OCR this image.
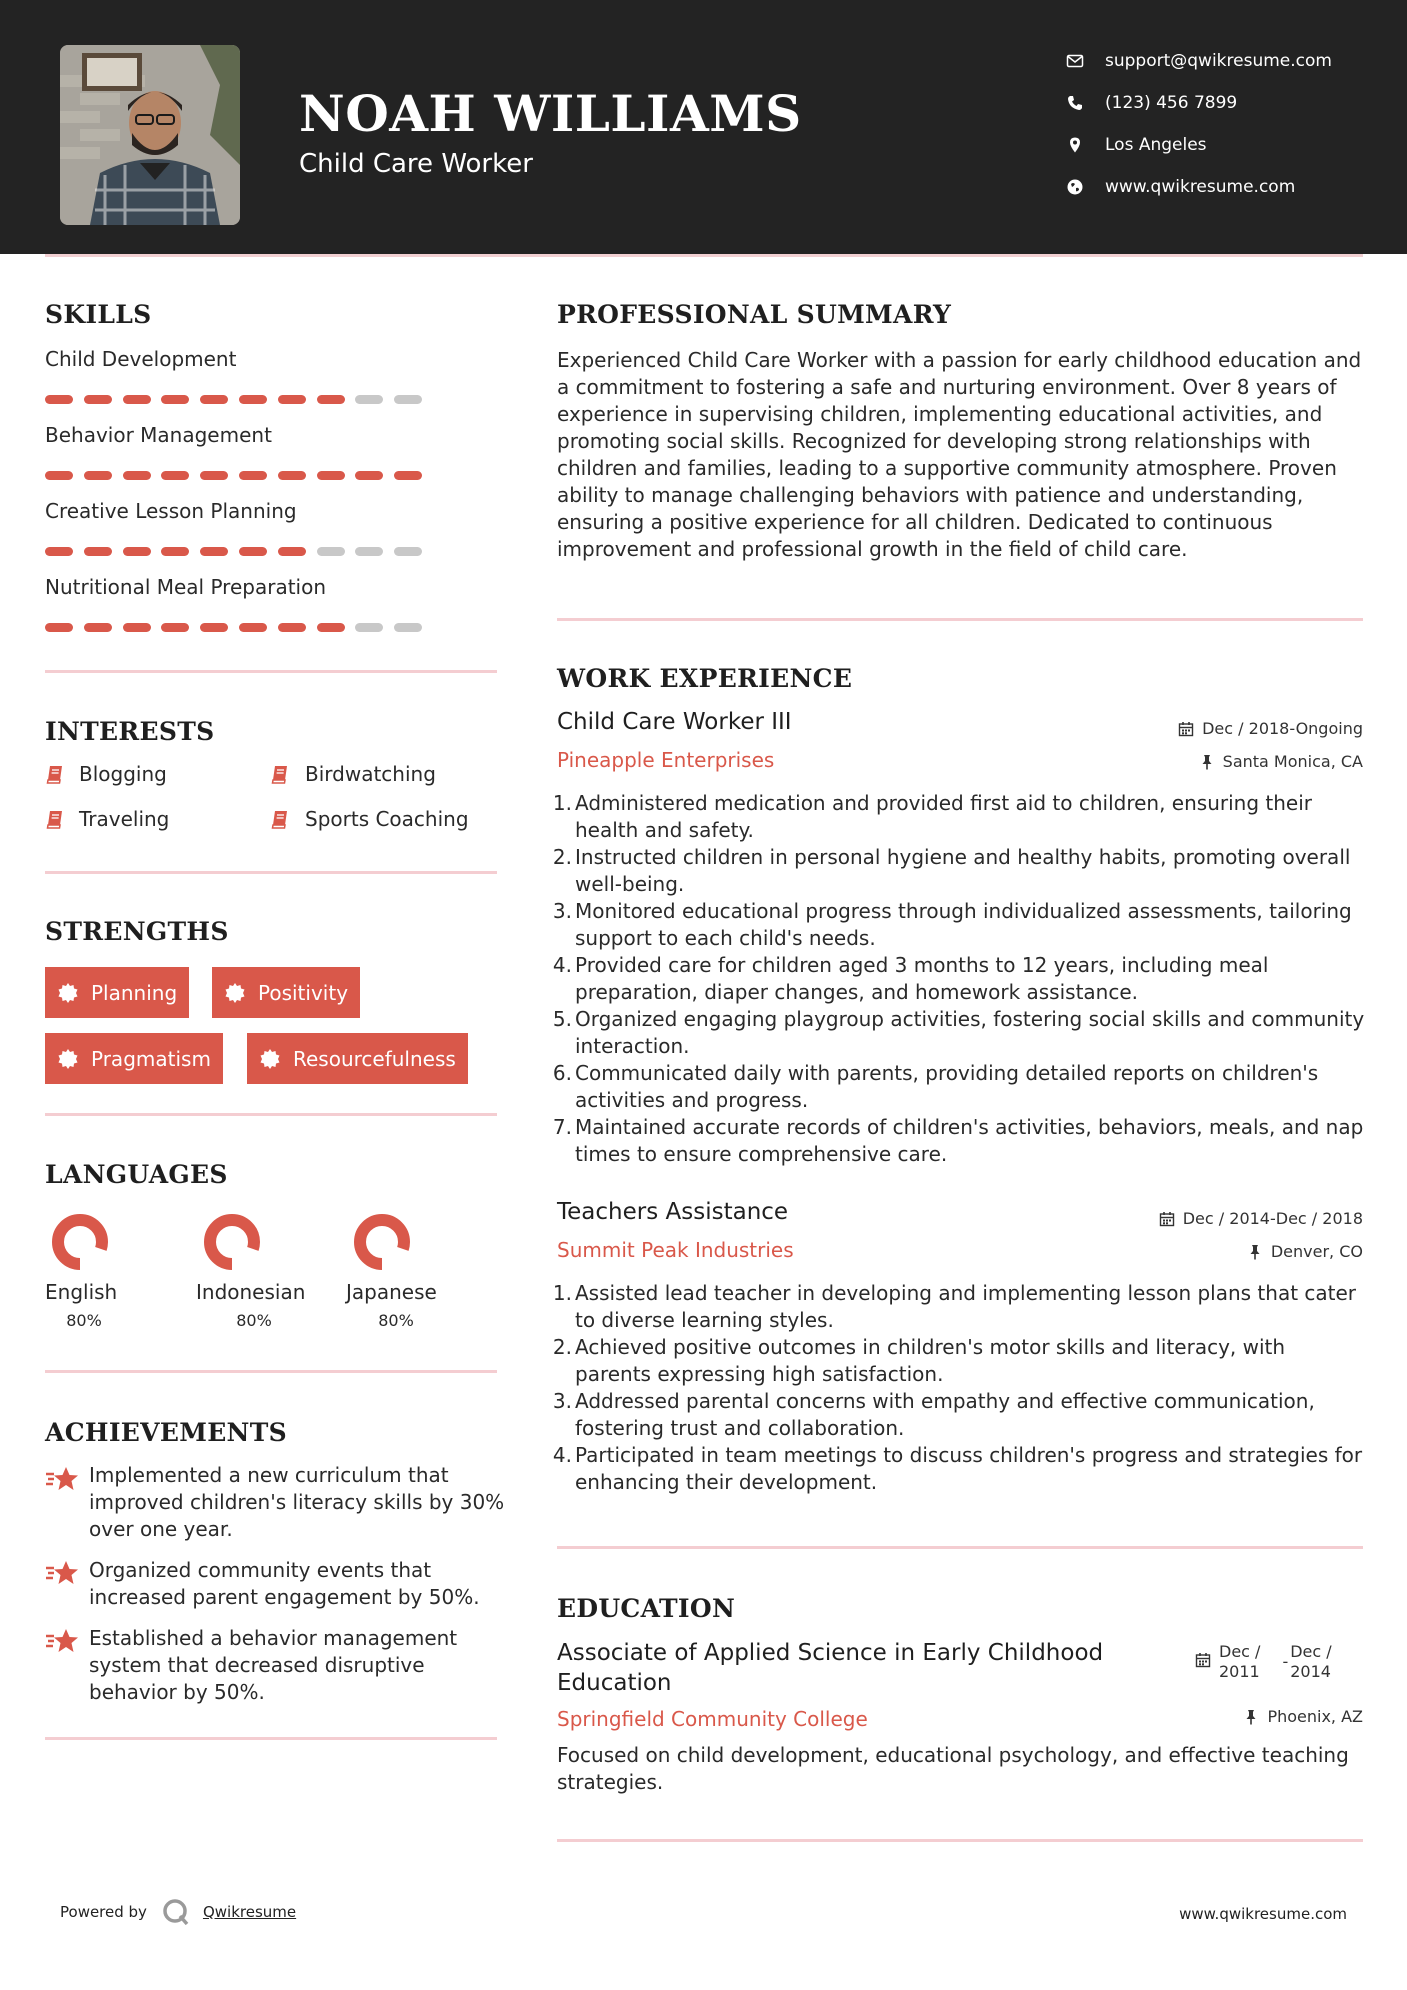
NOAH WILLIAMS
Child Care Worker
support@qwikresume.com
(123) 456 7899
Los Angeles
www.qwikresume.com
SKILLS
Child Development
Behavior Management
Creative Lesson Planning
Nutritional Meal Preparation
INTERESTS
Blogging	Birdwatching
Traveling	Sports Coaching
STRENGTHS
Planning	Positivity
Pragmatism	Resourcefulness
LANGUAGES
English
80%
Indonesian
80%
Japanese
80%
ACHIEVEMENTS
Implemented a new curriculum that improved children's literacy skills by 30% over one year.
Organized community events that increased parent engagement by 50%.
Established a behavior management system that decreased disruptive behavior by 50%.
PROFESSIONAL SUMMARY
Experienced Child Care Worker with a passion for early childhood education and a commitment to fostering a safe and nurturing environment. Over 8 years of experience in supervising children, implementing educational activities, and promoting social skills. Recognized for developing strong relationships with children and families, leading to a supportive community atmosphere. Proven ability to manage challenging behaviors with patience and understanding, ensuring a positive experience for all children. Dedicated to continuous improvement and professional growth in the field of child care.
WORK EXPERIENCE
Child Care Worker III	Dec / 2018-Ongoing
Pineapple Enterprises	Santa Monica, CA
1. Administered medication and provided first aid to children, ensuring their health and safety.
2. Instructed children in personal hygiene and healthy habits, promoting overall well-being.
3. Monitored educational progress through individualized assessments, tailoring support to each child's needs.
4. Provided care for children aged 3 months to 12 years, including meal preparation, diaper changes, and homework assistance.
5. Organized engaging playgroup activities, fostering social skills and community interaction.
6. Communicated daily with parents, providing detailed reports on children's activities and progress.
7. Maintained accurate records of children's activities, behaviors, meals, and nap times to ensure comprehensive care.
Teachers Assistance	Dec / 2014-Dec / 2018
Summit Peak Industries	Denver, CO
1. Assisted lead teacher in developing and implementing lesson plans that cater to diverse learning styles.
2. Achieved positive outcomes in children's motor skills and literacy, with parents expressing high satisfaction.
3. Addressed parental concerns with empathy and effective communication, fostering trust and collaboration.
4. Participated in team meetings to discuss children's progress and strategies for enhancing their development.
EDUCATION
Associate of Applied Science in Early Childhood Education
Dec /
2011
-
Dec /
2014
Springfield Community College	Phoenix, AZ
Focused on child development, educational psychology, and effective teaching strategies.
Powered by	Qwikresume	www.qwikresume.com
